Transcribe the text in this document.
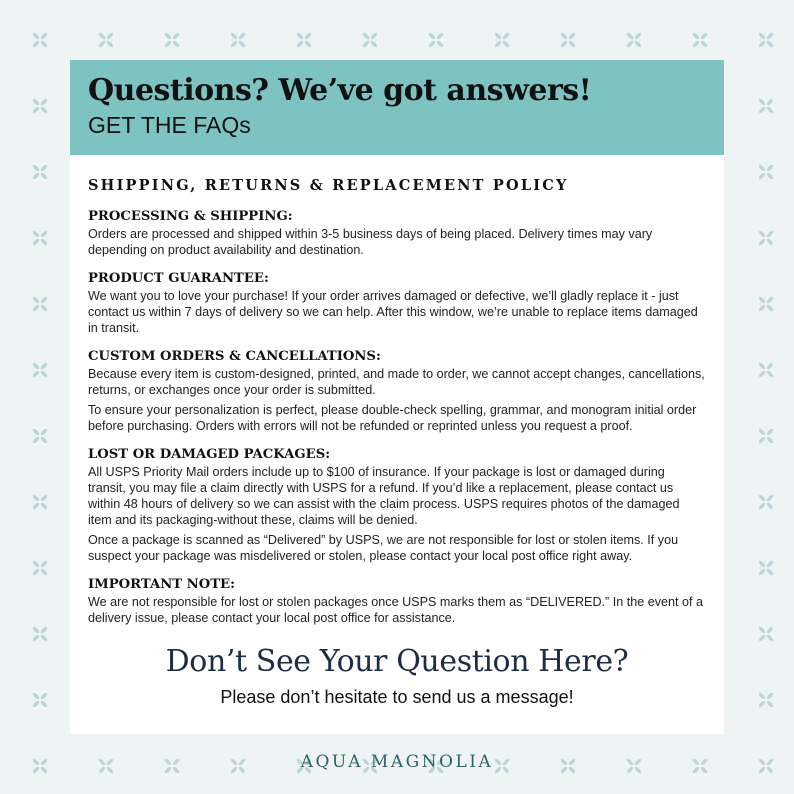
Questions? We’ve got answers!
GET THE FAQs
SHIPPING, RETURNS & REPLACEMENT POLICY
PROCESSING & SHIPPING:

Orders are processed and shipped within 3-5 business days of being placed. Delivery times may vary depending on product availability and destination.

PRODUCT GUARANTEE:

We want you to love your purchase! If your order arrives damaged or defective, we’ll gladly replace it - just contact us within 7 days of delivery so we can help. After this window, we’re unable to replace items damaged in transit.

CUSTOM ORDERS & CANCELLATIONS:

Because every item is custom-designed, printed, and made to order, we cannot accept changes, cancellations, returns, or exchanges once your order is submitted.

To ensure your personalization is perfect, please double-check spelling, grammar, and monogram initial order before purchasing. Orders with errors will not be refunded or reprinted unless you request a proof.

LOST OR DAMAGED PACKAGES:

All USPS Priority Mail orders include up to $100 of insurance. If your package is lost or damaged during transit, you may file a claim directly with USPS for a refund. If you’d like a replacement, please contact us within 48 hours of delivery so we can assist with the claim process. USPS requires photos of the damaged item and its packaging-without these, claims will be denied.

Once a package is scanned as “Delivered” by USPS, we are not responsible for lost or stolen items. If you suspect your package was misdelivered or stolen, please contact your local post office right away.

IMPORTANT NOTE:

We are not responsible for lost or stolen packages once USPS marks them as “DELIVERED.” In the event of a delivery issue, please contact your local post office for assistance.

Don’t See Your Question Here?
Please don’t hesitate to send us a message!
AQUA MAGNOLIA
